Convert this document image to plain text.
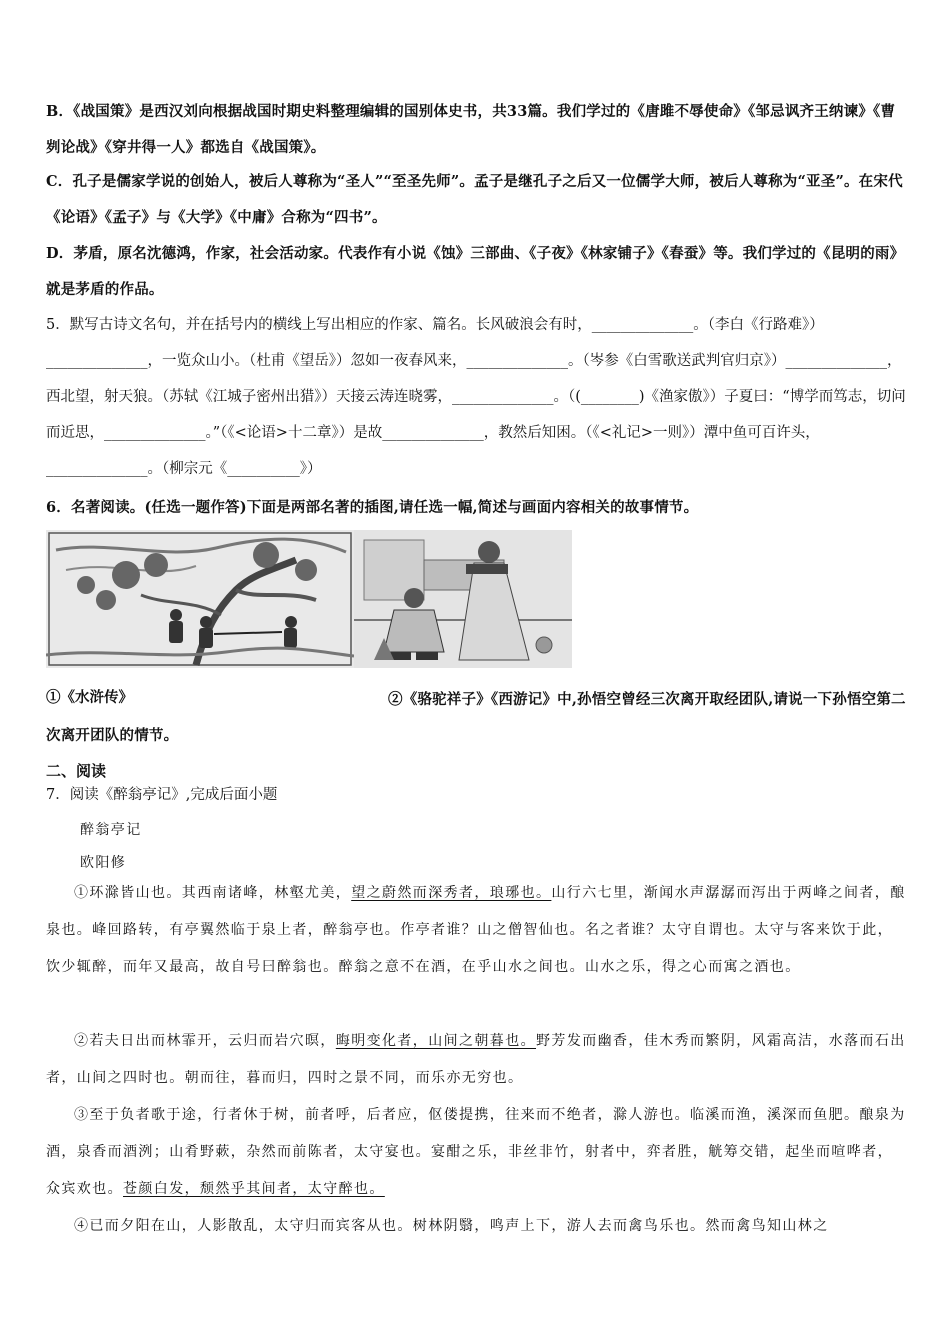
B．《战国策》是西汉刘向根据战国时期史料整理编辑的国别体史书，共33篇。我们学过的《唐雎不辱使命》《邹忌讽齐王纳谏》《曹刿论战》《穿井得一人》都选自《战国策》。
C．孔子是儒家学说的创始人，被后人尊称为“圣人”“至圣先师”。孟子是继孔子之后又一位儒学大师，被后人尊称为“亚圣”。在宋代《论语》《孟子》与《大学》《中庸》合称为“四书”。
D．茅盾，原名沈德鸿，作家，社会活动家。代表作有小说《蚀》三部曲、《子夜》《林家铺子》《春蚕》等。我们学过的《昆明的雨》就是茅盾的作品。
5．默写古诗文名句，并在括号内的横线上写出相应的作家、篇名。长风破浪会有时，______________。（李白《行路难》）______________，一览众山小。（杜甫《望岳》）忽如一夜春风来，______________。（岑参《白雪歌送武判官归京》）______________，西北望，射天狼。（苏轼《江城子密州出猎》）天接云涛连晓雾，______________。（(________)《渔家傲》）子夏曰：“博学而笃志，切问而近思，______________。”（《<论语>十二章》）是故______________，教然后知困。（《<礼记>一则》）潭中鱼可百许头，______________。（柳宗元《__________》）
6．名著阅读。(任选一题作答)下面是两部名著的插图,请任选一幅,简述与画面内容相关的故事情节。
①《水浒传》	②《骆驼祥子》《西游记》中,孙悟空曾经三次离开取经团队,请说一下孙悟空第二次离开团队的情节。
二、阅读
7．阅读《醉翁亭记》,完成后面小题
醉翁亭记
欧阳修
①环滁皆山也。其西南诸峰，林壑尤美，望之蔚然而深秀者，琅琊也。山行六七里，渐闻水声潺潺而泻出于两峰之间者，酿泉也。峰回路转，有亭翼然临于泉上者，醉翁亭也。作亭者谁？山之僧智仙也。名之者谁？太守自谓也。太守与客来饮于此，饮少辄醉，而年又最高，故自号曰醉翁也。醉翁之意不在酒，在乎山水之间也。山水之乐，得之心而寓之酒也。
②若夫日出而林霏开，云归而岩穴暝，晦明变化者，山间之朝暮也。野芳发而幽香，佳木秀而繁阴，风霜高洁，水落而石出者，山间之四时也。朝而往，暮而归，四时之景不同，而乐亦无穷也。
③至于负者歌于途，行者休于树，前者呼，后者应，伛偻提携，往来而不绝者，滁人游也。临溪而渔，溪深而鱼肥。酿泉为酒，泉香而酒洌；山肴野蔌，杂然而前陈者，太守宴也。宴酣之乐，非丝非竹，射者中，弈者胜，觥筹交错，起坐而喧哗者，众宾欢也。苍颜白发，颓然乎其间者，太守醉也。
④已而夕阳在山，人影散乱，太守归而宾客从也。树林阴翳，鸣声上下，游人去而禽鸟乐也。然而禽鸟知山林之
